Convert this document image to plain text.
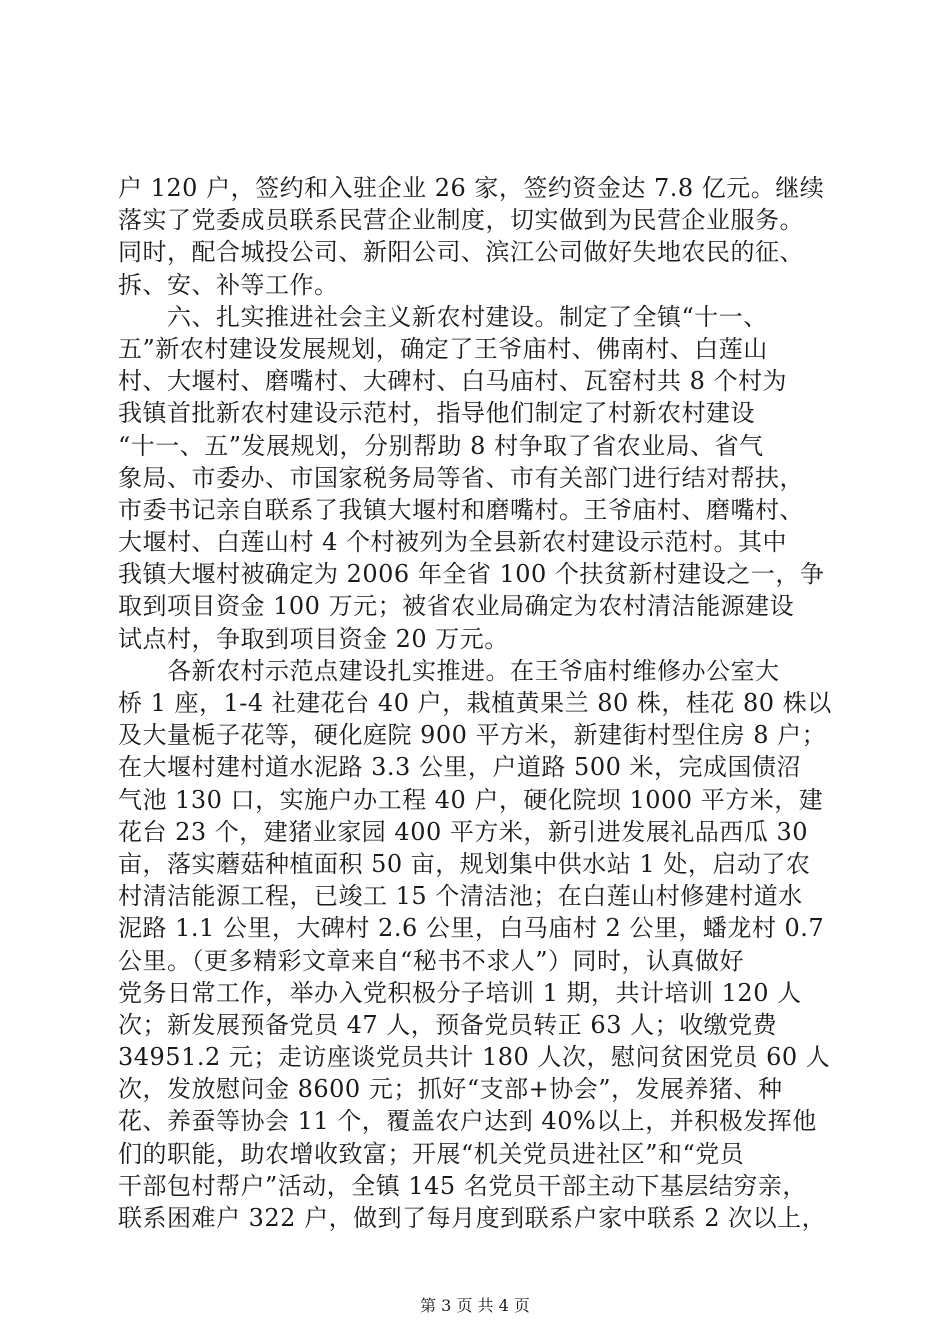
户 120 户，签约和入驻企业 26 家，签约资金达 7.8 亿元。继续
落实了党委成员联系民营企业制度，切实做到为民营企业服务。
同时，配合城投公司、新阳公司、滨江公司做好失地农民的征、
拆、安、补等工作。
　　六、扎实推进社会主义新农村建设。制定了全镇“十一、
五”新农村建设发展规划，确定了王爷庙村、佛南村、白莲山
村、大堰村、磨嘴村、大碑村、白马庙村、瓦窑村共 8 个村为
我镇首批新农村建设示范村，指导他们制定了村新农村建设
“十一、五”发展规划，分别帮助 8 村争取了省农业局、省气
象局、市委办、市国家税务局等省、市有关部门进行结对帮扶，
市委书记亲自联系了我镇大堰村和磨嘴村。王爷庙村、磨嘴村、
大堰村、白莲山村 4 个村被列为全县新农村建设示范村。其中
我镇大堰村被确定为 2006 年全省 100 个扶贫新村建设之一，争
取到项目资金 100 万元；被省农业局确定为农村清洁能源建设
试点村，争取到项目资金 20 万元。
　　各新农村示范点建设扎实推进。在王爷庙村维修办公室大
桥 1 座，1-4 社建花台 40 户，栽植黄果兰 80 株，桂花 80 株以
及大量栀子花等，硬化庭院 900 平方米，新建街村型住房 8 户；
在大堰村建村道水泥路 3.3 公里，户道路 500 米，完成国债沼
气池 130 口，实施户办工程 40 户，硬化院坝 1000 平方米，建
花台 23 个，建猪业家园 400 平方米，新引进发展礼品西瓜 30
亩，落实蘑菇种植面积 50 亩，规划集中供水站 1 处，启动了农
村清洁能源工程，已竣工 15 个清洁池；在白莲山村修建村道水
泥路 1.1 公里，大碑村 2.6 公里，白马庙村 2 公里，蟠龙村 0.7
公里。（更多精彩文章来自“秘书不求人”）同时，认真做好
党务日常工作，举办入党积极分子培训 1 期，共计培训 120 人
次；新发展预备党员 47 人，预备党员转正 63 人；收缴党费
34951.2 元；走访座谈党员共计 180 人次，慰问贫困党员 60 人
次，发放慰问金 8600 元；抓好“支部+协会”，发展养猪、种
花、养蚕等协会 11 个，覆盖农户达到 40%以上，并积极发挥他
们的职能，助农增收致富；开展“机关党员进社区”和“党员
干部包村帮户”活动，全镇 145 名党员干部主动下基层结穷亲，
联系困难户 322 户，做到了每月度到联系户家中联系 2 次以上，
第 3 页 共 4 页
